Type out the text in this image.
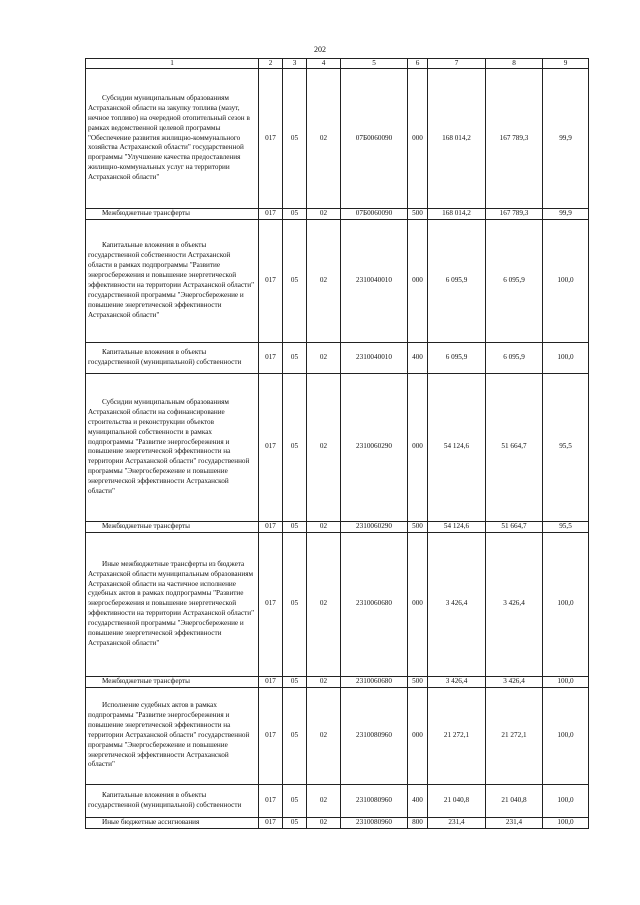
202
1	2	3	4	5	6	7	8	9

Субсидии муниципальным образованиям Астраханской области на закупку топлива (мазут, нечное топливо) на очередной отопительный сезон в рамках ведомственной целевой программы "Обеспечение развития жилищно-коммунального хозяйства Астраханской области" государственной программы "Улучшение качества предоставления жилищно-коммунальных услуг на территории Астраханской области"	017	05	02	07Б0060090	000	168 014,2	167 789,3	99,9

Межбюджетные трансферты	017	05	02	07Б0060090	500	168 014,2	167 789,3	99,9

Капитальные вложения в объекты государственной собственности Астраханской области в рамках подпрограммы "Развитие энергосбережения и повышение энергетической эффективности на территории Астраханской области" государственной программы "Энергосбережение и повышение энергетической эффективности Астраханской области"	017	05	02	2310040010	000	6 095,9	6 095,9	100,0

Капитальные вложения в объекты государственной (муниципальной) собственности	017	05	02	2310040010	400	6 095,9	6 095,9	100,0

Субсидии муниципальным образованиям Астраханской области на софинансирование строительства и реконструкции объектов муниципальной собственности в рамках подпрограммы "Развитие энергосбережения и повышение энергетической эффективности на территории Астраханской области" государственной программы "Энергосбережение и повышение энергетической эффективности Астраханской области"	017	05	02	2310060290	000	54 124,6	51 664,7	95,5

Межбюджетные трансферты	017	05	02	2310060290	500	54 124,6	51 664,7	95,5

Иные межбюджетные трансферты из бюджета Астраханской области муниципальным образованиям Астраханской области на частичное исполнение судебных актов в рамках подпрограммы "Развитие энергосбережения и повышение энергетической эффективности на территории Астраханской области" государственной программы "Энергосбережение и повышение энергетической эффективности Астраханской области"	017	05	02	2310060680	000	3 426,4	3 426,4	100,0

Межбюджетные трансферты	017	05	02	2310060680	500	3 426,4	3 426,4	100,0

Исполнение судебных актов в рамках подпрограммы "Развитие энергосбережения и повышение энергетической эффективности на территории Астраханской области" государственной программы "Энергосбережение и повышение энергетической эффективности Астраханской области"	017	05	02	2310080960	000	21 272,1	21 272,1	100,0

Капитальные вложения в объекты государственной (муниципальной) собственности	017	05	02	2310080960	400	21 040,8	21 040,8	100,0

Иные бюджетные ассигнования	017	05	02	2310080960	800	231,4	231,4	100,0
